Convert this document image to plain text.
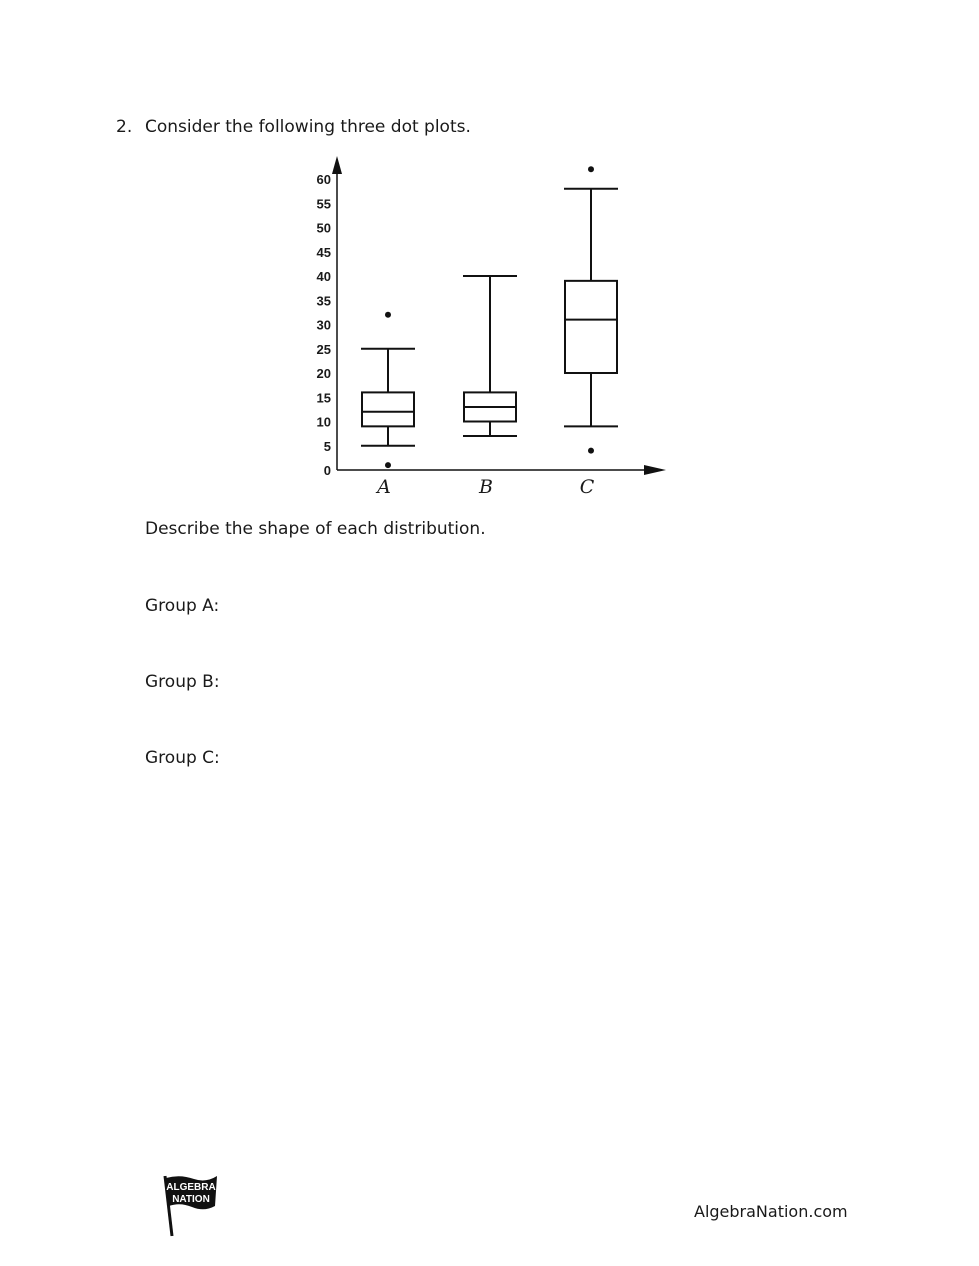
2. Consider the following three dot plots.
0
5
10
15
20
25
30
35
40
45
50
55
60
A	B	C
Describe the shape of each distribution.
Group A:
Group B:
Group C:
ALGEBRA
NATION
AlgebraNation.com
